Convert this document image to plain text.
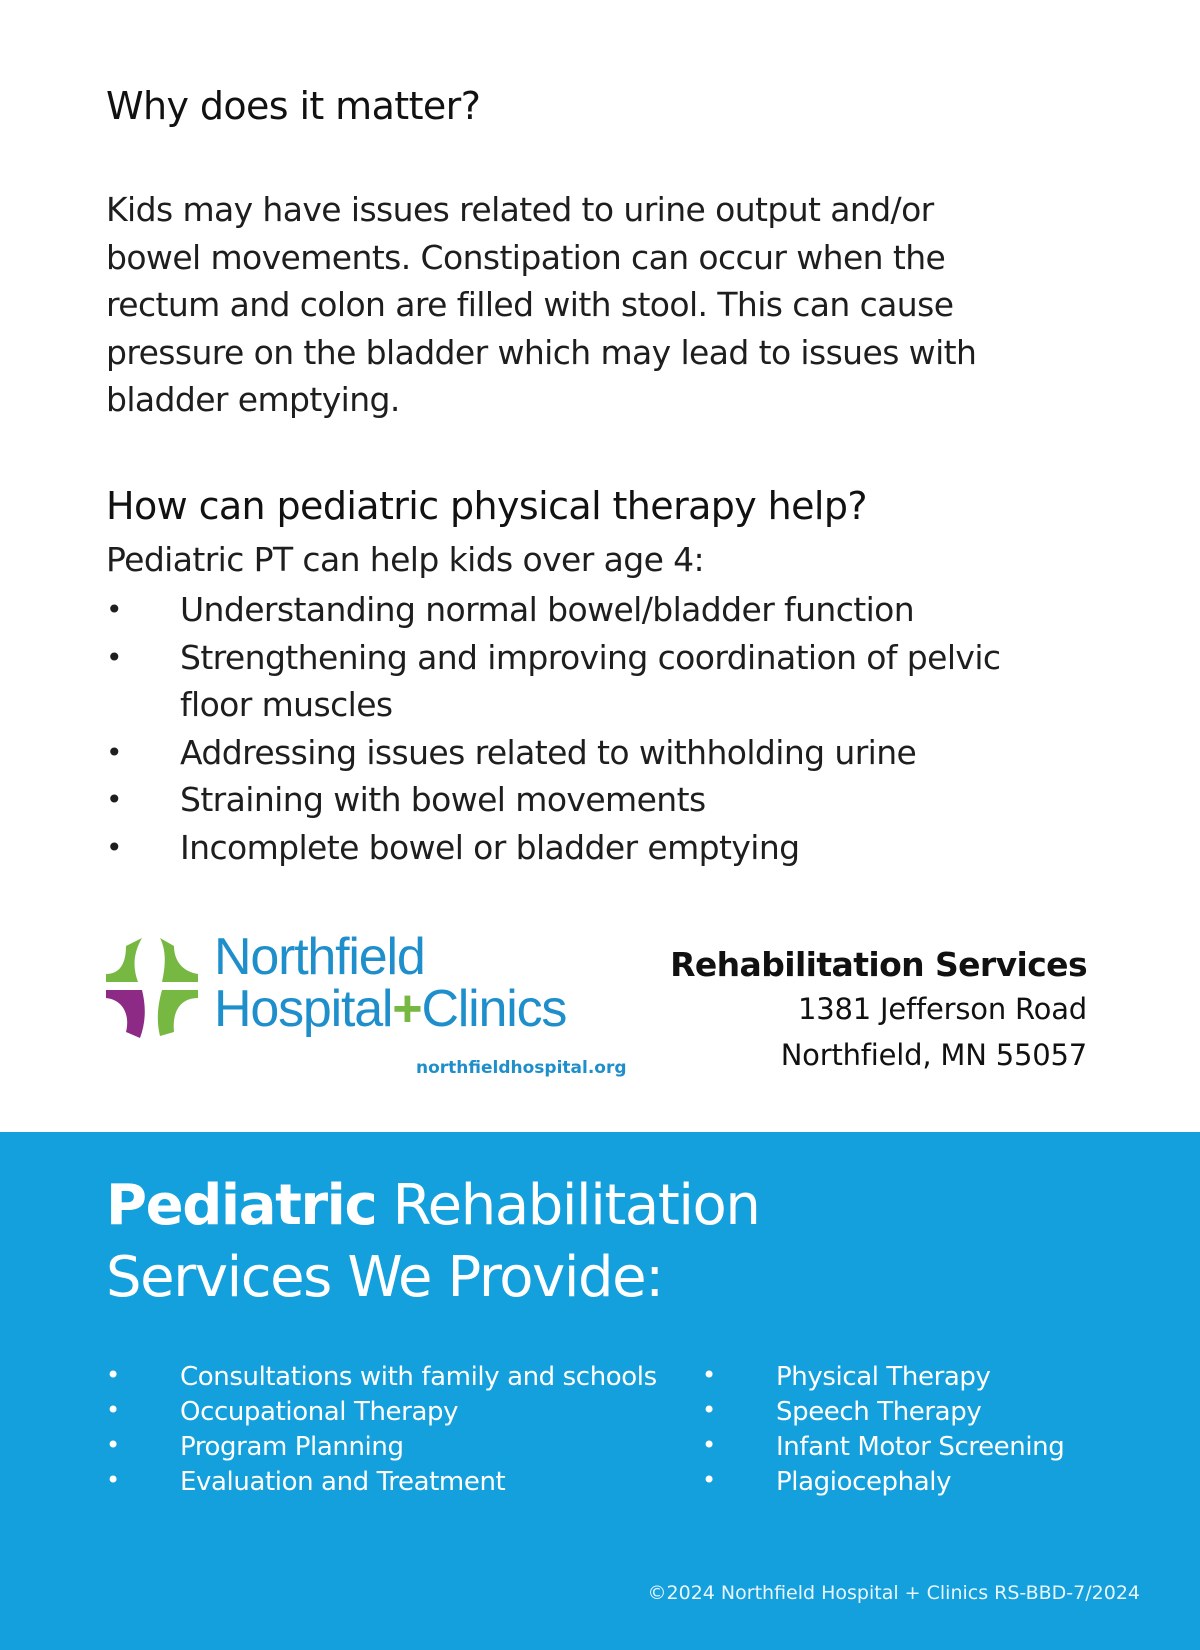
Why does it matter?

Kids may have issues related to urine output and/or
bowel movements. Constipation can occur when the
rectum and colon are filled with stool. This can cause
pressure on the bladder which may lead to issues with
bladder emptying.

How can pediatric physical therapy help?

Pediatric PT can help kids over age 4:

• Understanding normal bowel/bladder function
• Strengthening and improving coordination of pelvic
floor muscles
• Addressing issues related to withholding urine
• Straining with bowel movements
• Incomplete bowel or bladder emptying
Northfield
Hospital+Clinics
northfieldhospital.org
Rehabilitation Services
1381 Jefferson Road
Northfield, MN 55057
Pediatric Rehabilitation
Services We Provide:
• Consultations with family and schools
• Occupational Therapy
• Program Planning
• Evaluation and Treatment
• Physical Therapy
• Speech Therapy
• Infant Motor Screening
• Plagiocephaly
©2024 Northfield Hospital + Clinics RS-BBD-7/2024
